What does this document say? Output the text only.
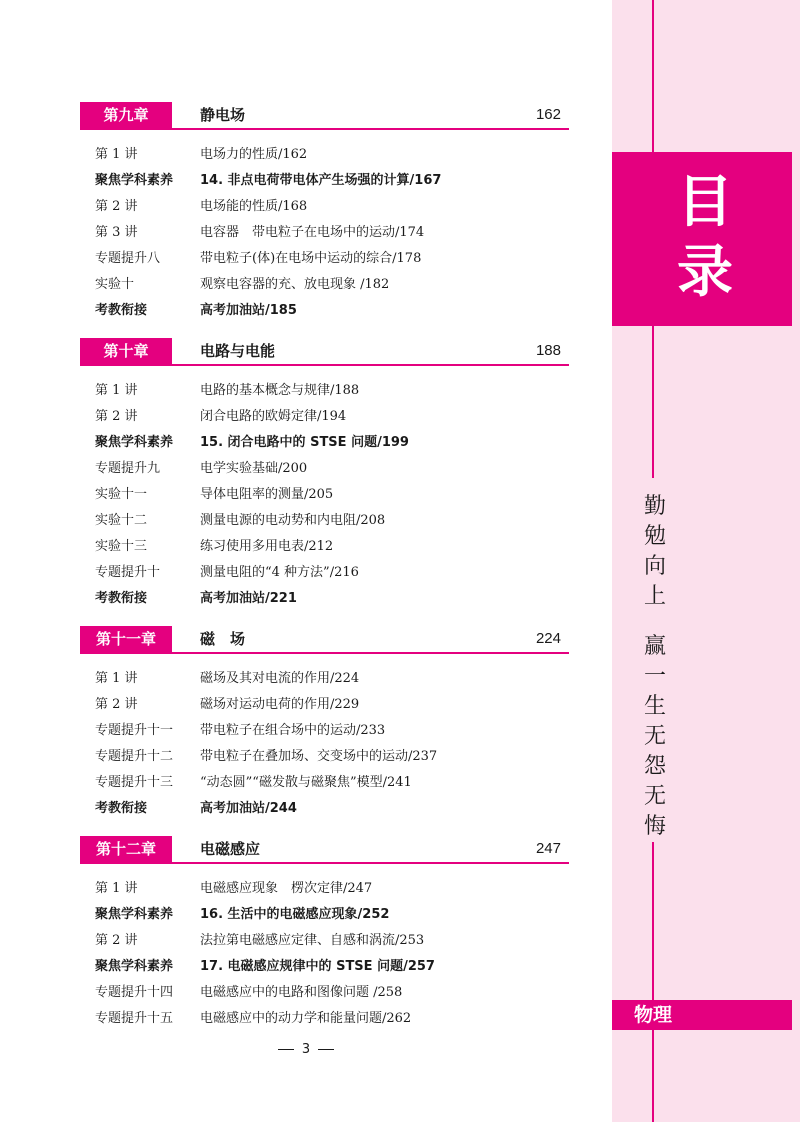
目
录
勤
勉
向
上
赢
一
生
无
怨
无
悔
物理
第九章	静电场	162
第 1 讲	电场力的性质/162
聚焦学科素养 14. 非点电荷带电体产生场强的计算/167
第 2 讲	电场能的性质/168
第 3 讲	电容器　带电粒子在电场中的运动/174
专题提升八	带电粒子(体)在电场中运动的综合/178
实验十	观察电容器的充、放电现象 /182
考教衔接	高考加油站/185
第十章	电路与电能	188
第 1 讲	电路的基本概念与规律/188
第 2 讲	闭合电路的欧姆定律/194
聚焦学科素养 15. 闭合电路中的 STSE 问题/199
专题提升九	电学实验基础/200
实验十一	导体电阻率的测量/205
实验十二	测量电源的电动势和内电阻/208
实验十三	练习使用多用电表/212
专题提升十	测量电阻的“4 种方法”/216
考教衔接	高考加油站/221
第十一章	磁　场	224
第 1 讲	磁场及其对电流的作用/224
第 2 讲	磁场对运动电荷的作用/229
专题提升十一 带电粒子在组合场中的运动/233
专题提升十二 带电粒子在叠加场、交变场中的运动/237
专题提升十三 “动态圆”“磁发散与磁聚焦”模型/241
考教衔接	高考加油站/244
第十二章	电磁感应	247
第 1 讲	电磁感应现象　楞次定律/247
聚焦学科素养 16. 生活中的电磁感应现象/252
第 2 讲	法拉第电磁感应定律、自感和涡流/253
聚焦学科素养 17. 电磁感应规律中的 STSE 问题/257
专题提升十四 电磁感应中的电路和图像问题 /258
专题提升十五 电磁感应中的动力学和能量问题/262
3
